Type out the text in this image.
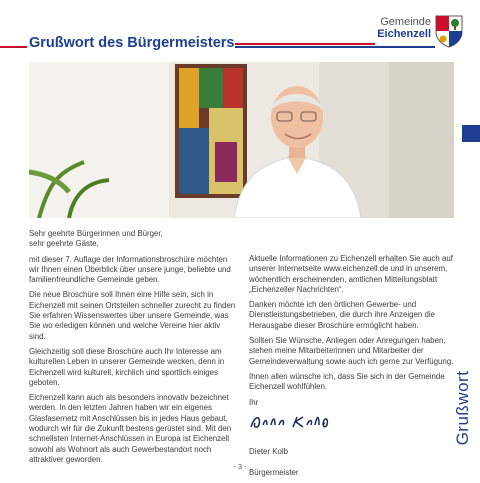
Grußwort des Bürgermeisters
Gemeinde
Eichenzell
Grußwort

Sehr geehrte Bürgerinnen und Bürger,
sehr geehrte Gäste,

mit dieser 7. Auflage der Informationsbroschüre möchten wir Ihnen einen Überblick über unsere junge, beliebte und familienfreundliche Gemeinde geben.

Die neue Broschüre soll Ihnen eine Hilfe sein, sich in Eichenzell mit seinen Ortsteilen schneller zurecht zu finden
Sie erfahren Wissenswertes über unsere Gemeinde, was Sie wo erledigen können und welche Vereine hier aktiv sind.

Gleichzeitig soll diese Broschüre auch Ihr Interesse am kulturellen Leben in unserer Gemeinde wecken, denn in Eichenzell wird kulturell, kirchlich und sportlich einiges geboten.

Eichenzell kann auch als besonders innovativ bezeichnet werden. In den letzten Jahren haben wir ein eigenes Glasfasernetz mit Anschlüssen bis in jedes Haus gebaut, wodurch wir für die Zukunft bestens gerüstet sind. Mit den schnellsten Internet-Anschlüssen in Europa ist Eichenzell sowohl als Wohnort als auch Gewerbestandort noch attraktiver geworden.

Aktuelle Informationen zu Eichenzell erhalten Sie auch auf unserer Internetseite www.eichenzell.de und in unserem, wöchentlich erscheinenden, amtlichen Mitteilungsblatt „Eichenzeller Nachrichten“.

Danken möchte ich den örtlichen Gewerbe- und Dienstleistungsbetrieben, die durch ihre Anzeigen die Herausgabe dieser Broschüre ermöglicht haben.

Sollten Sie Wünsche, Anliegen oder Anregungen haben, stehen meine Mitarbeiterinnen und Mitarbeiter der Gemeindeverwaltung sowie auch ich gerne zur Verfügung.

Ihnen allen wünsche ich, dass Sie sich in der Gemeinde Eichenzell wohlfühlen.

Ihr

Dieter Kolb

Bürgermeister

- 3 -
